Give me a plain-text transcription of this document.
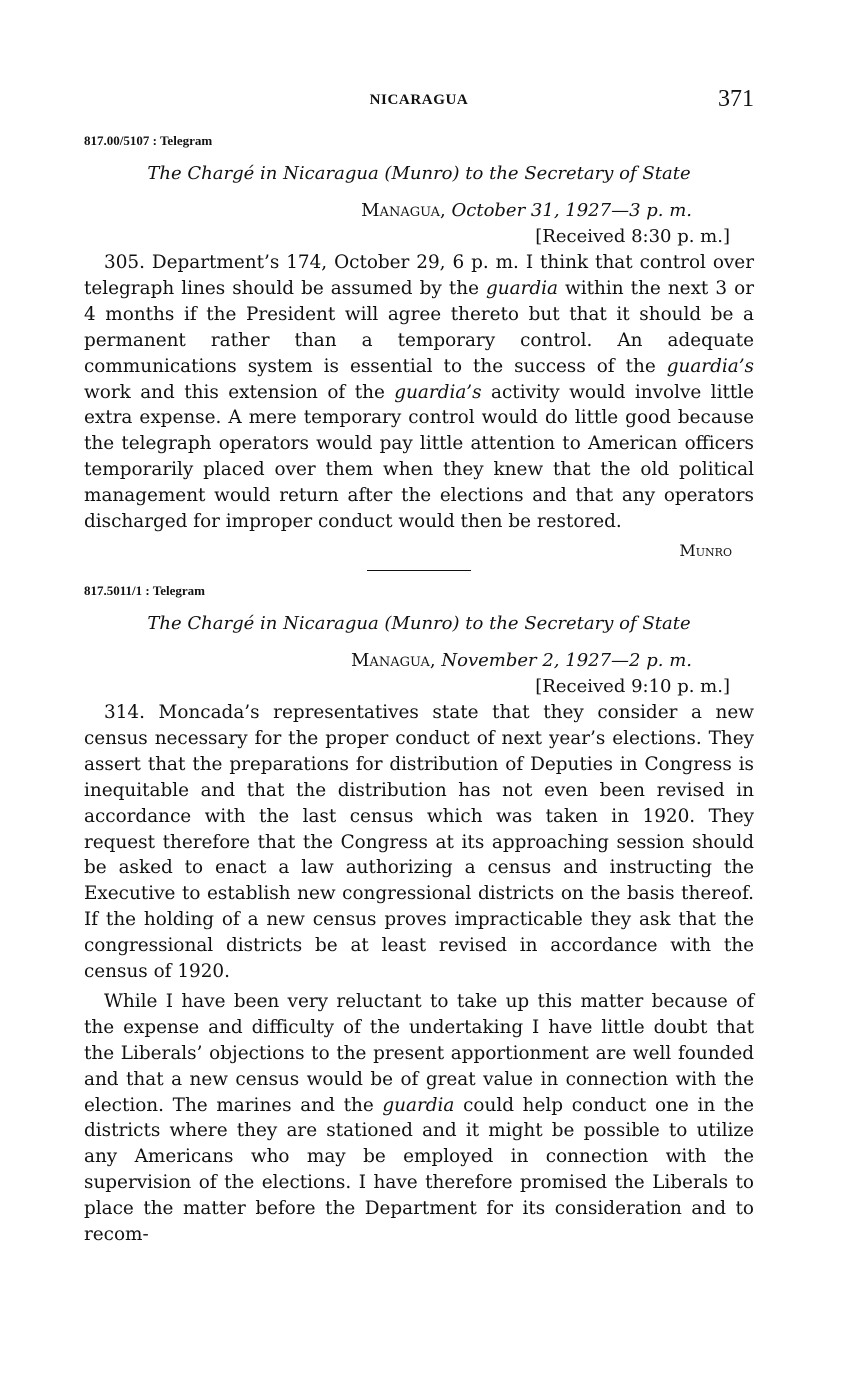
NICARAGUA	371
817.00/5107 : Telegram
The Chargé in Nicaragua (Munro) to the Secretary of State
Managua, October 31, 1927—3 p. m.
[Received 8:30 p. m.]

305. Department’s 174, October 29, 6 p. m. I think that control over telegraph lines should be assumed by the guardia within the next 3 or 4 months if the President will agree thereto but that it should be a permanent rather than a temporary control. An adequate communications system is essential to the success of the guardia’s work and this extension of the guardia’s activity would involve little extra expense. A mere temporary control would do little good because the telegraph operators would pay little attention to American officers temporarily placed over them when they knew that the old political management would return after the elections and that any operators discharged for improper conduct would then be restored.

Munro
817.5011/1 : Telegram
The Chargé in Nicaragua (Munro) to the Secretary of State
Managua, November 2, 1927—2 p. m.
[Received 9:10 p. m.]

314. Moncada’s representatives state that they consider a new census necessary for the proper conduct of next year’s elections. They assert that the preparations for distribution of Deputies in Congress is inequitable and that the distribution has not even been revised in accordance with the last census which was taken in 1920. They request therefore that the Congress at its approaching session should be asked to enact a law authorizing a census and instructing the Executive to establish new congressional districts on the basis thereof. If the holding of a new census proves impracticable they ask that the congressional districts be at least revised in accordance with the census of 1920.

While I have been very reluctant to take up this matter because of the expense and difficulty of the undertaking I have little doubt that the Liberals’ objections to the present apportionment are well founded and that a new census would be of great value in connection with the election. The marines and the guardia could help conduct one in the districts where they are stationed and it might be possible to utilize any Americans who may be employed in connection with the supervision of the elections. I have therefore promised the Liberals to place the matter before the Department for its consideration and to recom-
